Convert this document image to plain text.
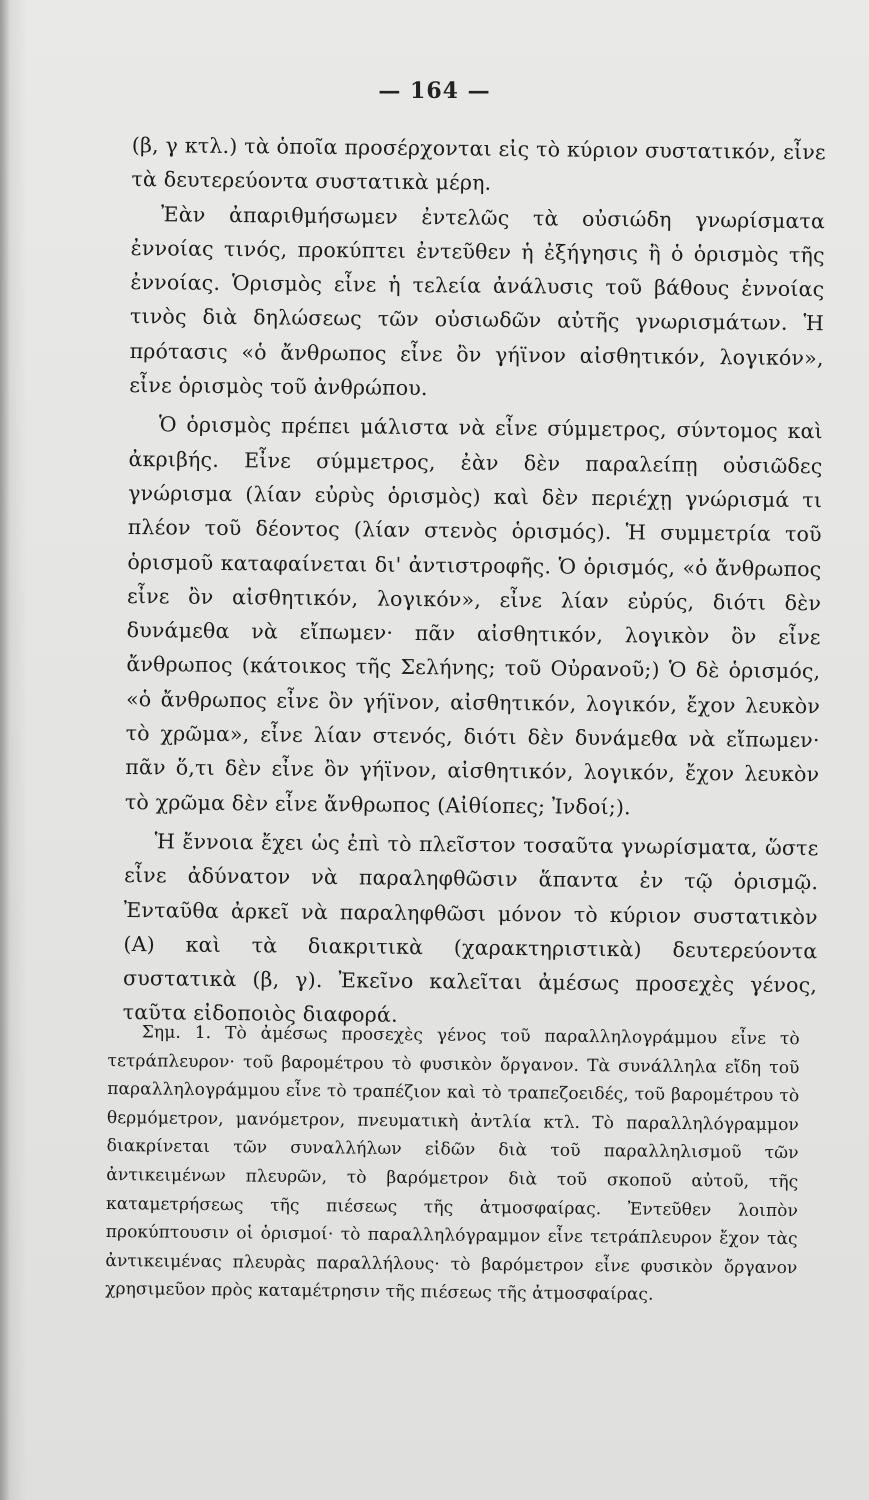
— 164 —

(β, γ κτλ.) τὰ ὁποῖα προσέρχονται εἰς τὸ κύριον συστατικόν, εἶνε τὰ δευτερεύοντα συστατικὰ μέρη.

Ἐὰν ἀπαριθμήσωμεν ἐντελῶς τὰ οὐσιώδη γνωρίσματα ἐννοίας τινός, προκύπτει ἐντεῦθεν ἡ ἐξήγησις ἢ ὁ ὁρισμὸς τῆς ἐννοίας. Ὁρισμὸς εἶνε ἡ τελεία ἀνάλυσις τοῦ βάθους ἐννοίας τινὸς διὰ δηλώσεως τῶν οὐσιωδῶν αὐτῆς γνωρισμάτων. Ἡ πρότασις «ὁ ἄνθρωπος εἶνε ὂν γήϊνον αἰσθητικόν, λογικόν», εἶνε ὁρισμὸς τοῦ ἀνθρώπου.

Ὁ ὁρισμὸς πρέπει μάλιστα νὰ εἶνε σύμμετρος, σύντομος καὶ ἀκριβής. Εἶνε σύμμετρος, ἐὰν δὲν παραλείπῃ οὐσιῶδες γνώρισμα (λίαν εὐρὺς ὁρισμὸς) καὶ δὲν περιέχῃ γνώρισμά τι πλέον τοῦ δέοντος (λίαν στενὸς ὁρισμός). Ἡ συμμετρία τοῦ ὁρισμοῦ καταφαίνεται δι' ἀντιστροφῆς. Ὁ ὁρισμός, «ὁ ἄνθρωπος εἶνε ὂν αἰσθητικόν, λογικόν», εἶνε λίαν εὐρύς, διότι δὲν δυνάμεθα νὰ εἴπωμεν· πᾶν αἰσθητικόν, λογικὸν ὂν εἶνε ἄνθρωπος (κάτοικος τῆς Σελήνης; τοῦ Οὐρανοῦ;) Ὁ δὲ ὁρισμός, «ὁ ἄνθρωπος εἶνε ὂν γήϊνον, αἰσθητικόν, λογικόν, ἔχον λευκὸν τὸ χρῶμα», εἶνε λίαν στενός, διότι δὲν δυνάμεθα νὰ εἴπωμεν· πᾶν ὅ,τι δὲν εἶνε ὂν γήϊνον, αἰσθητικόν, λογικόν, ἔχον λευκὸν τὸ χρῶμα δὲν εἶνε ἄνθρωπος (Αἰθίοπες; Ἰνδοί;).

Ἡ ἔννοια ἔχει ὡς ἐπὶ τὸ πλεῖστον τοσαῦτα γνωρίσματα, ὥστε εἶνε ἀδύνατον νὰ παραληφθῶσιν ἅπαντα ἐν τῷ ὁρισμῷ. Ἐνταῦθα ἀρκεῖ νὰ παραληφθῶσι μόνον τὸ κύριον συστατικὸν (Α) καὶ τὰ διακριτικὰ (χαρακτηριστικὰ) δευτερεύοντα συστατικὰ (β, γ). Ἐκεῖνο καλεῖται ἀμέσως προσεχὲς γένος, ταῦτα εἰδοποιὸς διαφορά.

Σημ. 1. Τὸ ἀμέσως προσεχὲς γένος τοῦ παραλληλογράμμου εἶνε τὸ τετράπλευρον· τοῦ βαρομέτρου τὸ φυσικὸν ὄργανον. Τὰ συνάλληλα εἴδη τοῦ παραλληλογράμμου εἶνε τὸ τραπέζιον καὶ τὸ τραπεζοειδές, τοῦ βαρομέτρου τὸ θερμόμετρον, μανόμετρον, πνευματικὴ ἀντλία κτλ. Τὸ παραλληλόγραμμον διακρίνεται τῶν συναλλήλων εἰδῶν διὰ τοῦ παραλληλισμοῦ τῶν ἀντικειμένων πλευρῶν, τὸ βαρόμετρον διὰ τοῦ σκοποῦ αὐτοῦ, τῆς καταμετρήσεως τῆς πιέσεως τῆς ἀτμοσφαίρας. Ἐντεῦθεν λοιπὸν προκύπτουσιν οἱ ὁρισμοί· τὸ παραλληλόγραμμον εἶνε τετράπλευρον ἔχον τὰς ἀντικειμένας πλευρὰς παραλλήλους· τὸ βαρόμετρον εἶνε φυσικὸν ὄργανον χρησιμεῦον πρὸς καταμέτρησιν τῆς πιέσεως τῆς ἀτμοσφαίρας.
